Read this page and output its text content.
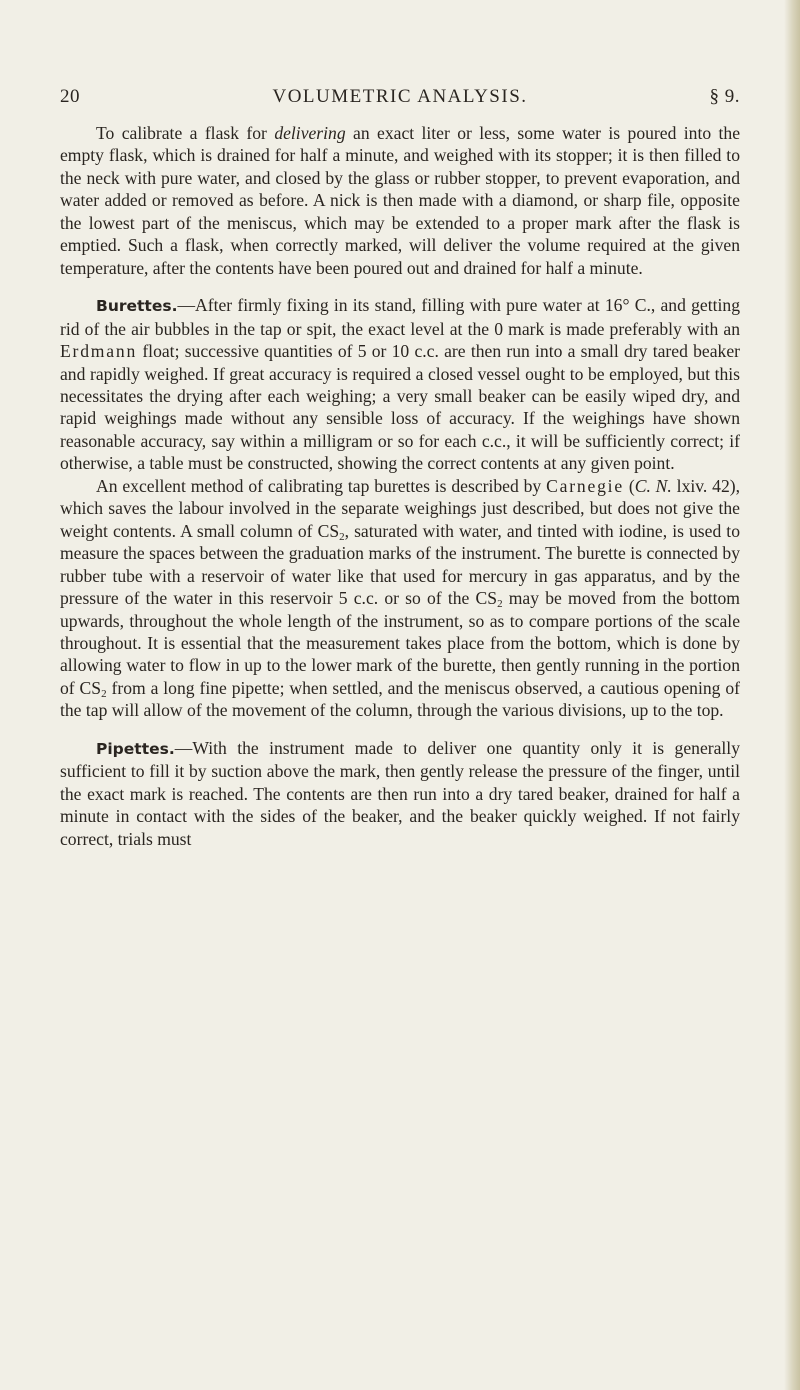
VOLUMETRIC ANALYSIS.
20	§ 9.

To calibrate a flask for delivering an exact liter or less, some water is poured into the empty flask, which is drained for half a minute, and weighed with its stopper; it is then filled to the neck with pure water, and closed by the glass or rubber stopper, to prevent evaporation, and water added or removed as before. A nick is then made with a diamond, or sharp file, opposite the lowest part of the meniscus, which may be extended to a proper mark after the flask is emptied. Such a flask, when correctly marked, will deliver the volume required at the given temperature, after the contents have been poured out and drained for half a minute.

Burettes.—After firmly fixing in its stand, filling with pure water at 16° C., and getting rid of the air bubbles in the tap or spit, the exact level at the 0 mark is made preferably with an Erdmann float; successive quantities of 5 or 10 c.c. are then run into a small dry tared beaker and rapidly weighed. If great accuracy is required a closed vessel ought to be employed, but this necessitates the drying after each weighing; a very small beaker can be easily wiped dry, and rapid weighings made without any sensible loss of accuracy. If the weighings have shown reasonable accuracy, say within a milligram or so for each c.c., it will be sufficiently correct; if otherwise, a table must be constructed, showing the correct contents at any given point.

An excellent method of calibrating tap burettes is described by Carnegie (C. N. lxiv. 42), which saves the labour involved in the separate weighings just described, but does not give the weight contents. A small column of $CS_2$, saturated with water, and tinted with iodine, is used to measure the spaces between the graduation marks of the instrument. The burette is connected by rubber tube with a reservoir of water like that used for mercury in gas apparatus, and by the pressure of the water in this reservoir 5 c.c. or so of the $CS_2$ may be moved from the bottom upwards, throughout the whole length of the instrument, so as to compare portions of the scale throughout. It is essential that the measurement takes place from the bottom, which is done by allowing water to flow in up to the lower mark of the burette, then gently running in the portion of $CS_2$ from a long fine pipette; when settled, and the meniscus observed, a cautious opening of the tap will allow of the movement of the column, through the various divisions, up to the top.

Pipettes.—With the instrument made to deliver one quantity only it is generally sufficient to fill it by suction above the mark, then gently release the pressure of the finger, until the exact mark is reached. The contents are then run into a dry tared beaker, drained for half a minute in contact with the sides of the beaker, and the beaker quickly weighed. If not fairly correct, trials must
